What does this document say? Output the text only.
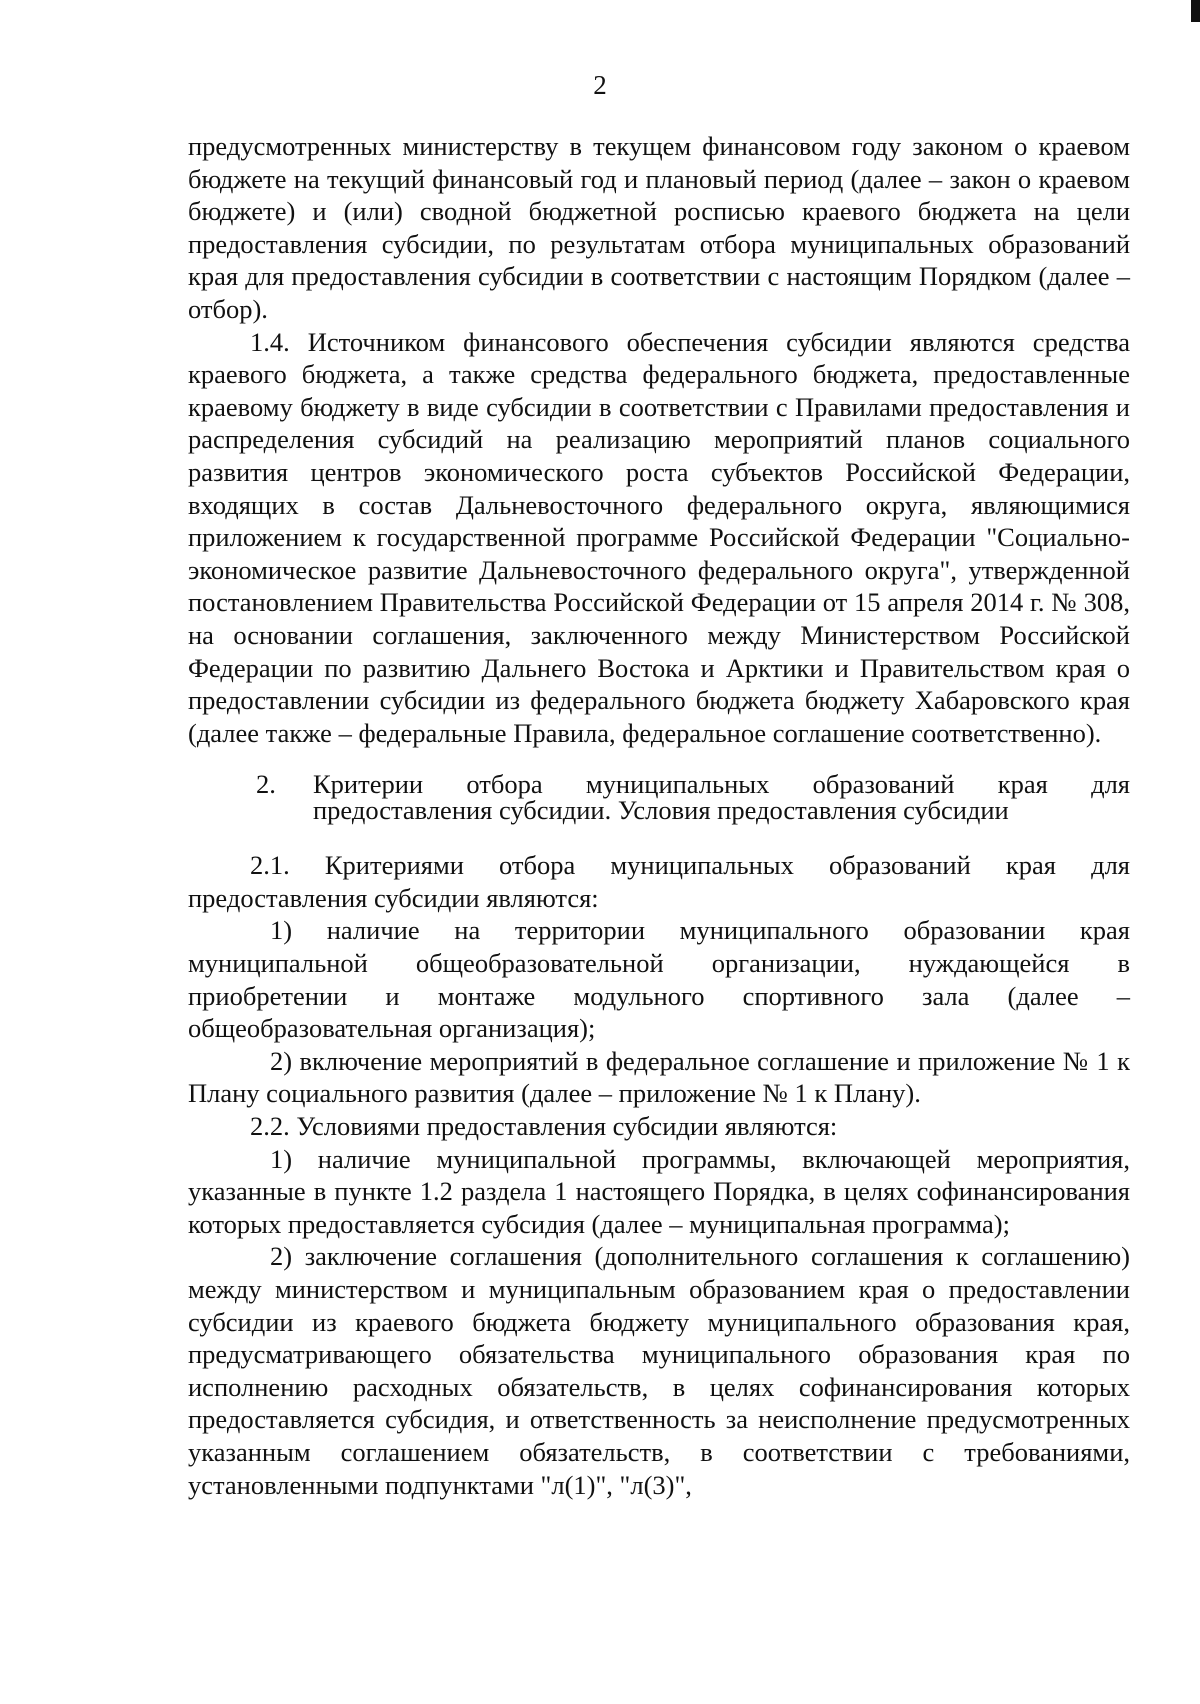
2

предусмотренных министерству в текущем финансовом году законом о краевом бюджете на текущий финансовый год и плановый период (далее – закон о краевом бюджете) и (или) сводной бюджетной росписью краевого бюджета на цели предоставления субсидии, по результатам отбора муниципальных образований края для предоставления субсидии в соответствии с настоящим Порядком (далее – отбор).

1.4. Источником финансового обеспечения субсидии являются средства краевого бюджета, а также средства федерального бюджета, предоставленные краевому бюджету в виде субсидии в соответствии с Правилами предоставления и распределения субсидий на реализацию мероприятий планов социального развития центров экономического роста субъектов Российской Федерации, входящих в состав Дальневосточного федерального округа, являющимися приложением к государственной программе Российской Федерации "Социально-экономическое развитие Дальневосточного федерального округа", утвержденной постановлением Правительства Российской Федерации от 15 апреля 2014 г. № 308, на основании соглашения, заключенного между Министерством Российской Федерации по развитию Дальнего Востока и Арктики и Правительством края о предоставлении субсидии из федерального бюджета бюджету Хабаровского края (далее также – федеральные Правила, федеральное соглашение соответственно).

2. Критерии отбора муниципальных образований края для предоставления субсидии. Условия предоставления субсидии

2.1. Критериями отбора муниципальных образований края для предоставления субсидии являются:

1) наличие на территории муниципального образовании края муниципальной общеобразовательной организации, нуждающейся в приобретении и монтаже модульного спортивного зала (далее – общеобразовательная организация);

2) включение мероприятий в федеральное соглашение и приложение № 1 к Плану социального развития (далее – приложение № 1 к Плану).

2.2. Условиями предоставления субсидии являются:

1) наличие муниципальной программы, включающей мероприятия, указанные в пункте 1.2 раздела 1 настоящего Порядка, в целях софинансирования которых предоставляется субсидия (далее – муниципальная программа);

2) заключение соглашения (дополнительного соглашения к соглашению) между министерством и муниципальным образованием края о предоставлении субсидии из краевого бюджета бюджету муниципального образования края, предусматривающего обязательства муниципального образования края по исполнению расходных обязательств, в целях софинансирования которых предоставляется субсидия, и ответственность за неисполнение предусмотренных указанным соглашением обязательств, в соответствии с требованиями, установленными подпунктами "л(1)", "л(3)",
